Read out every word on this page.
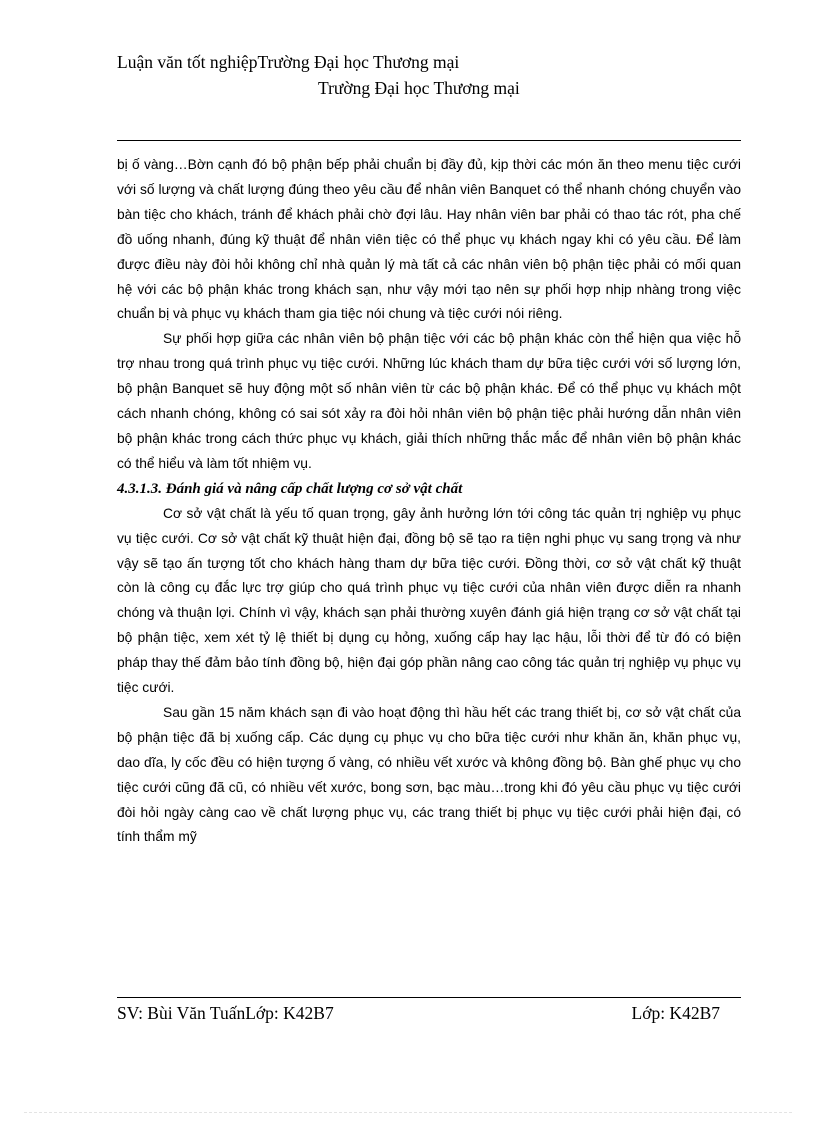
Luận văn tốt nghiệpTrường Đại học Thương mại
Trường Đại học Thương mại

bị ố vàng…Bờn cạnh đó bộ phận bếp phải chuẩn bị đầy đủ, kịp thời các món ăn theo menu tiệc cưới với số lượng và chất lượng đúng theo yêu cầu để nhân viên Banquet có thể nhanh chóng chuyển vào bàn tiệc cho khách, tránh để khách phải chờ đợi lâu. Hay nhân viên bar phải có thao tác rót, pha chế đồ uống nhanh, đúng kỹ thuật để nhân viên tiệc có thể phục vụ khách ngay khi có yêu cầu. Để làm được điều này đòi hỏi không chỉ nhà quản lý mà tất cả các nhân viên bộ phận tiệc phải có mối quan hệ với các bộ phận khác trong khách sạn, như vậy mới tạo nên sự phối hợp nhịp nhàng trong việc chuẩn bị và phục vụ khách tham gia tiệc nói chung và tiệc cưới nói riêng.

Sự phối hợp giữa các nhân viên bộ phận tiệc với các bộ phận khác còn thể hiện qua việc hỗ trợ nhau trong quá trình phục vụ tiệc cưới. Những lúc khách tham dự bữa tiệc cưới với số lượng lớn, bộ phận Banquet sẽ huy động một số nhân viên từ các bộ phận khác. Để có thể phục vụ khách một cách nhanh chóng, không có sai sót xảy ra đòi hỏi nhân viên bộ phận tiệc phải hướng dẫn nhân viên bộ phận khác trong cách thức phục vụ khách, giải thích những thắc mắc để nhân viên bộ phận khác có thể hiểu và làm tốt nhiệm vụ.

4.3.1.3. Đánh giá và nâng cấp chất lượng cơ sở vật chất

Cơ sở vật chất là yếu tố quan trọng, gây ảnh hưởng lớn tới công tác quản trị nghiệp vụ phục vụ tiệc cưới. Cơ sở vật chất kỹ thuật hiện đại, đồng bộ sẽ tạo ra tiện nghi phục vụ sang trọng và như vậy sẽ tạo ấn tượng tốt cho khách hàng tham dự bữa tiệc cưới. Đồng thời, cơ sở vật chất kỹ thuật còn là công cụ đắc lực trợ giúp cho quá trình phục vụ tiệc cưới của nhân viên được diễn ra nhanh chóng và thuận lợi. Chính vì vậy, khách sạn phải thường xuyên đánh giá hiện trạng cơ sở vật chất tại bộ phận tiệc, xem xét tỷ lệ thiết bị dụng cụ hỏng, xuống cấp hay lạc hậu, lỗi thời để từ đó có biện pháp thay thế đảm bảo tính đồng bộ, hiện đại góp phần nâng cao công tác quản trị nghiệp vụ phục vụ tiệc cưới.

Sau gần 15 năm khách sạn đi vào hoạt động thì hầu hết các trang thiết bị, cơ sở vật chất của bộ phận tiệc đã bị xuống cấp. Các dụng cụ phục vụ cho bữa tiệc cưới như khăn ăn, khăn phục vụ, dao dĩa, ly cốc đều có hiện tượng ố vàng, có nhiều vết xước và không đồng bộ. Bàn ghế phục vụ cho tiệc cưới cũng đã cũ, có nhiều vết xước, bong sơn, bạc màu…trong khi đó yêu cầu phục vụ tiệc cưới đòi hỏi ngày càng cao về chất lượng phục vụ, các trang thiết bị phục vụ tiệc cưới phải hiện đại, có tính thẩm mỹ

SV: Bùi Văn TuấnLớp: K42B7	Lớp: K42B7
